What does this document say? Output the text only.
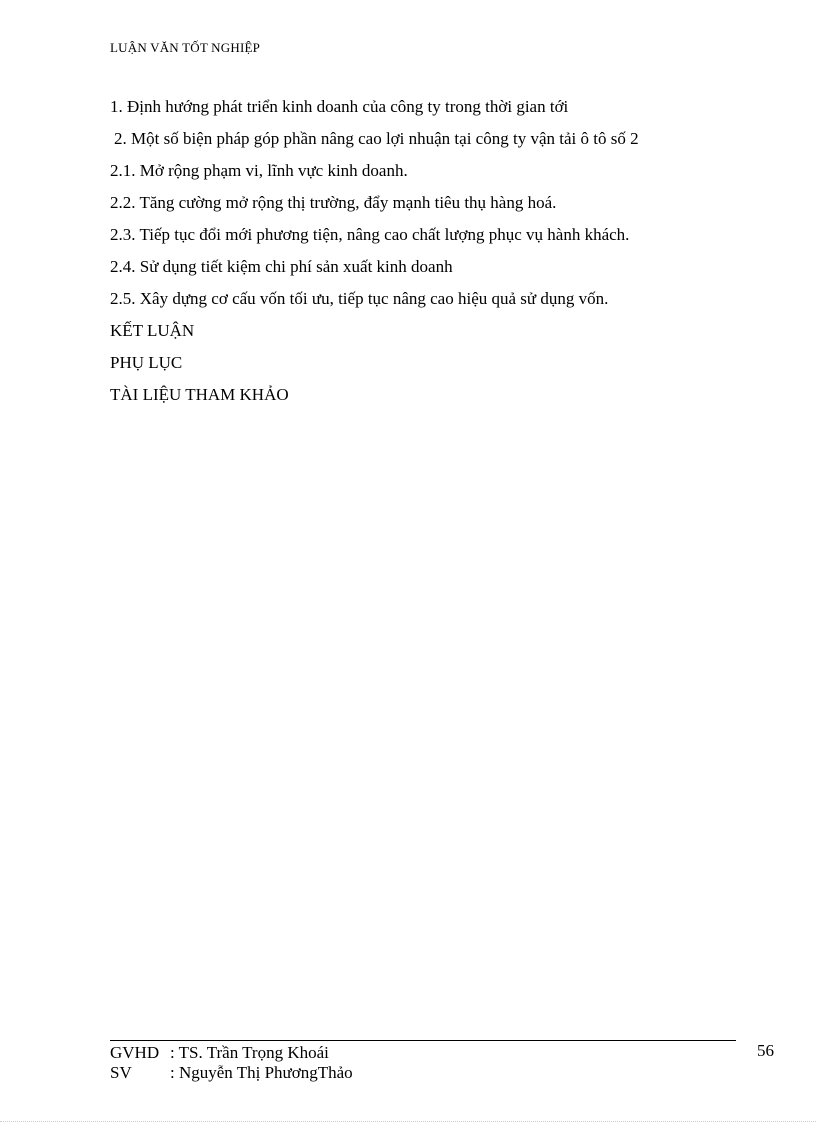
LUẬN VĂN TỐT NGHIỆP
1. Định hướng phát triển kinh doanh của công ty trong thời gian tới
2. Một số biện pháp góp phần nâng cao lợi nhuận tại công ty vận tải ô tô số 2
2.1. Mở rộng phạm vi, lĩnh vực kinh doanh.
2.2. Tăng cường mở rộng thị trường, đẩy mạnh tiêu thụ hàng hoá.
2.3. Tiếp tục đổi mới phương tiện, nâng cao chất lượng phục vụ hành khách.
2.4. Sử dụng tiết kiệm chi phí sản xuất kinh doanh
2.5. Xây dựng cơ cấu vốn tối ưu, tiếp tục nâng cao hiệu quả sử dụng vốn.
KẾT LUẬN
PHỤ LỤC
TÀI LIỆU THAM KHẢO
GVHD : TS. Trần Trọng Khoái
SV	: Nguyễn Thị PhươngThảo
56
